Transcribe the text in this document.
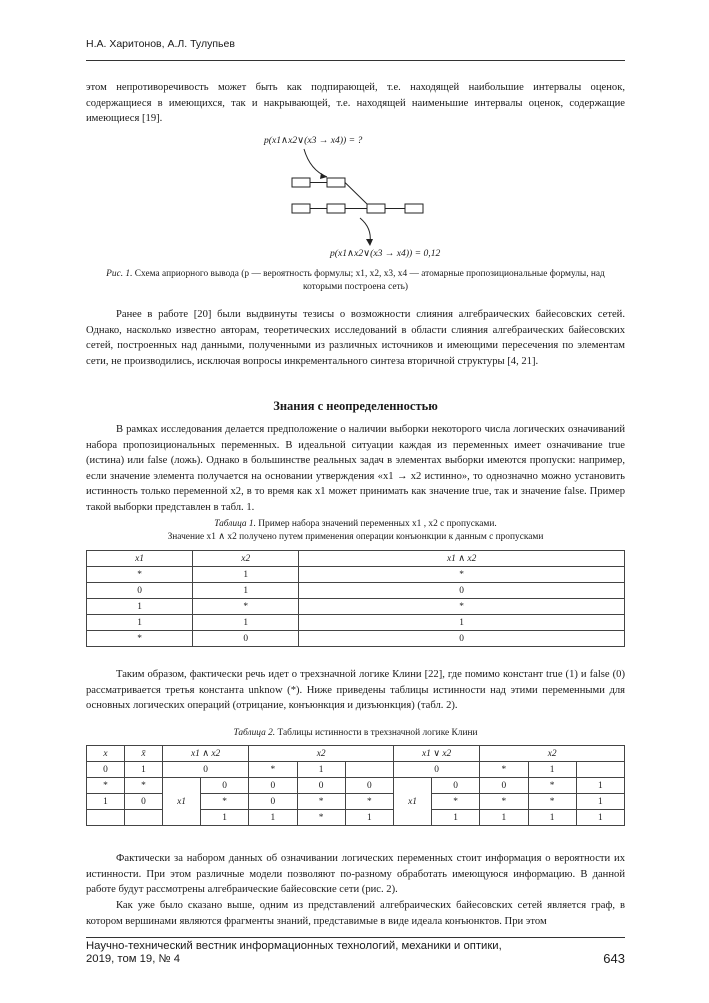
Н.А. Харитонов, А.Л. Тулупьев
этом непротиворечивость может быть как подпирающей, т.е. находящей наибольшие интервалы оценок, содержащиеся в имеющихся, так и накрывающей, т.е. находящей наименьшие интервалы оценок, содержащие имеющиеся [19].
p(x1∧x2∨(x3 → x4)) = ?
p(x1∧x2∨(x3 → x4)) = 0,12
Рис. 1. Схема априорного вывода (p — вероятность формулы; x1, x2, x3, x4 — атомарные пропозициональные формулы, над которыми построена сеть)
Ранее в работе [20] были выдвинуты тезисы о возможности слияния алгебраических байесовских сетей. Однако, насколько известно авторам, теоретических исследований в области слияния алгебраических байесовских сетей, построенных над данными, полученными из различных источников и имеющими пересечения по элементам сети, не производились, исключая вопросы инкрементального синтеза вторичной структуры [4, 21].
Знания с неопределенностью
В рамках исследования делается предположение о наличии выборки некоторого числа логических означиваний набора пропозициональных переменных. В идеальной ситуации каждая из переменных имеет означивание true (истина) или false (ложь). Однако в большинстве реальных задач в элементах выборки имеются пропуски: например, если значение элемента получается на основании утверждения «x1 → x2 истинно», то однозначно можно установить истинность только переменной x2, в то время как x1 может принимать как значение true, так и значение false. Пример такой выборки представлен в табл. 1.
Таблица 1. Пример набора значений переменных x1 , x2 с пропусками.
Значение x1 ∧ x2 получено путем применения операции конъюнкции к данным с пропусками
x1	x2	x1 ∧ x2
*	1	*
0	1	0
1	*	*
1	1	1
*	0	0
Таким образом, фактически речь идет о трехзначной логике Клини [22], где помимо констант true (1) и false (0) рассматривается третья константа unknow (*). Ниже приведены таблицы истинности над этими переменными для основных логических операций (отрицание, конъюнкция и дизъюнкция) (табл. 2).
Таблица 2. Таблицы истинности в трехзначной логике Клини
x	x̄	x1 ∧ x2		x2			x1 ∨ x2		x2		
0	1	0		*	1		0		*	1	
*	*	x1	0	0	0	0	x1	0	0	*	1
1	0		*	0	*	*		*	*	*	1
			1	1	*	1		1	1	1	1
Фактически за набором данных об означивании логических переменных стоит информация о вероятности их истинности. При этом различные модели позволяют по-разному обработать имеющуюся информацию. В данной работе будут рассмотрены алгебраические байесовские сети (рис. 2).
Как уже было сказано выше, одним из представлений алгебраических байесовских сетей является граф, в котором вершинами являются фрагменты знаний, представимые в виде идеала конъюнктов. При этом
Научно-технический вестник информационных технологий, механики и оптики,
2019, том 19, № 4	643
